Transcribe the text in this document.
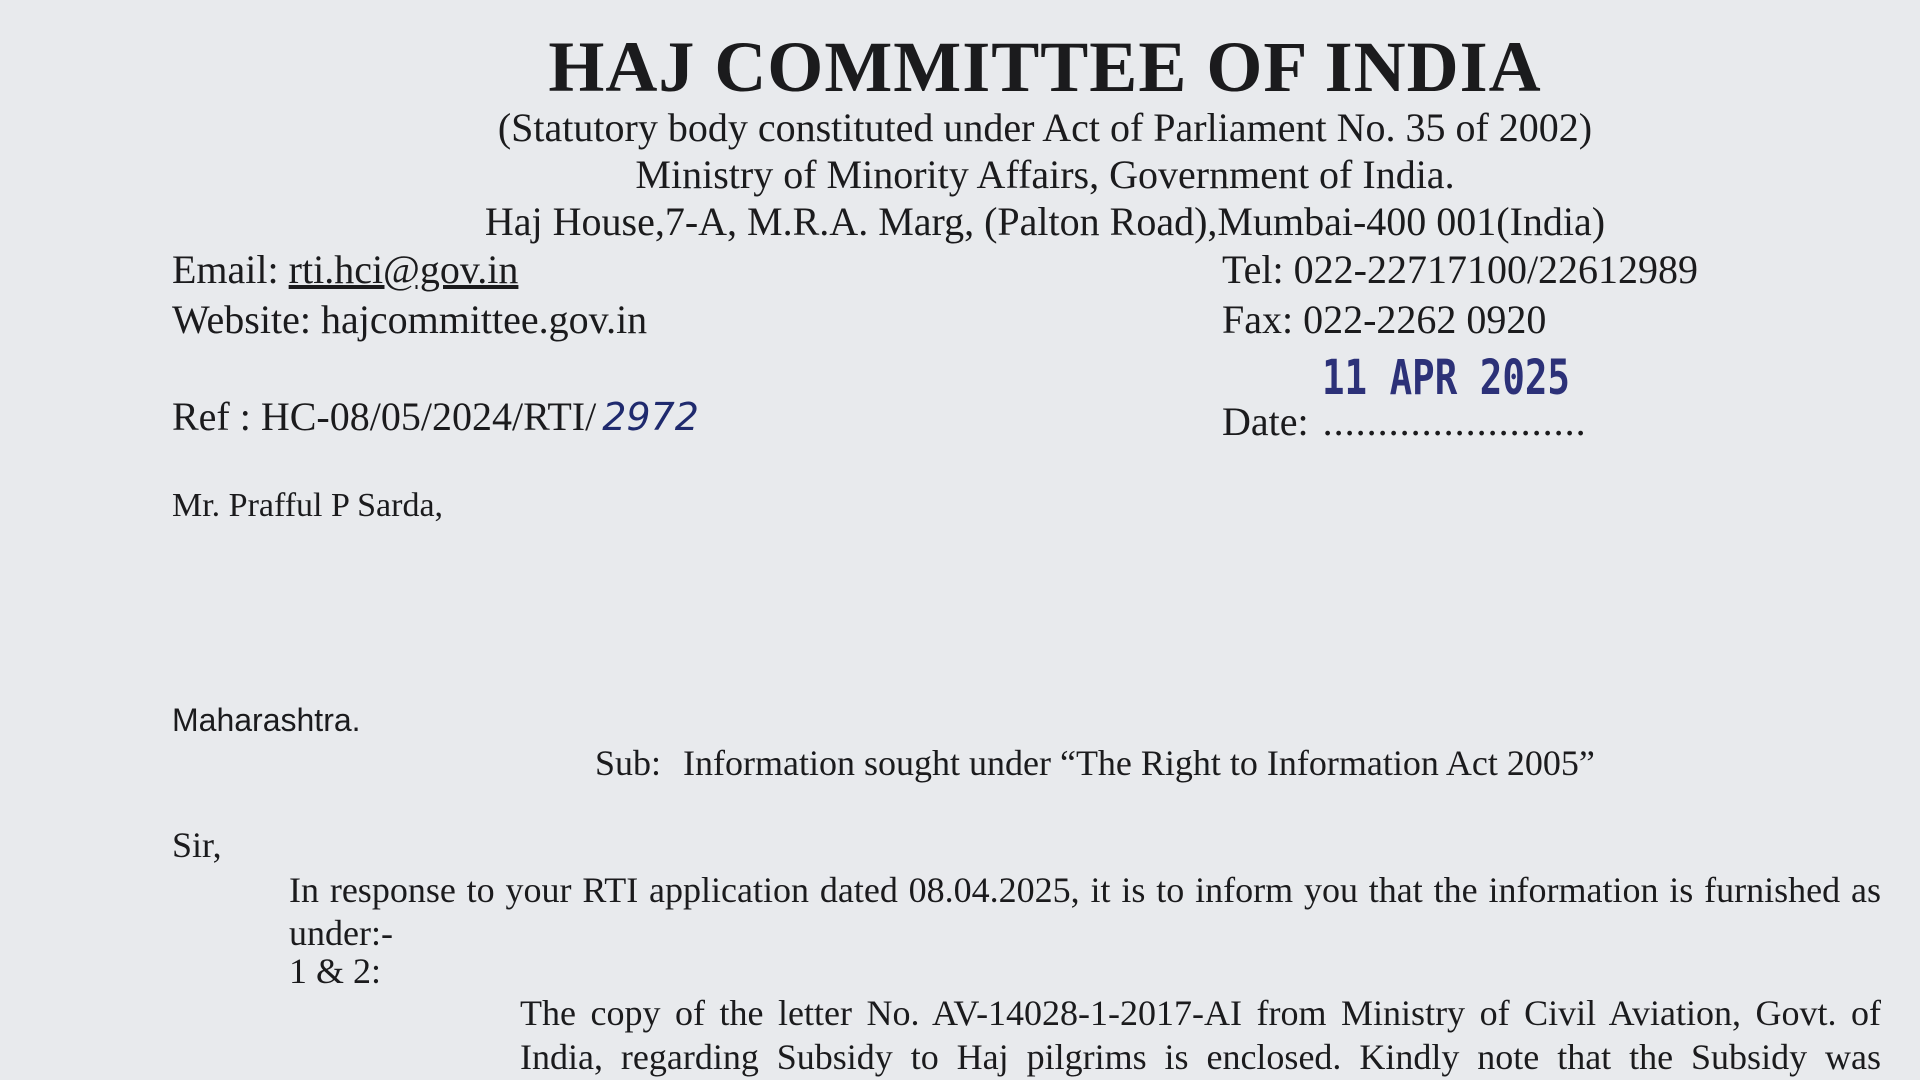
HAJ COMMITTEE OF INDIA
(Statutory body constituted under Act of Parliament No. 35 of 2002)
Ministry of Minority Affairs, Government of India.
Haj House,7-A, M.R.A. Marg, (Palton Road),Mumbai-400 001(India)
Email: rti.hci@gov.in
Website: hajcommittee.gov.in
Tel: 022-22717100/22612989
Fax: 022-2262 0920
Ref : HC-08/05/2024/RTI/ 2972
11 APR 2025
Date: ........................
Mr. Prafful P Sarda,
Maharashtra.
Sub: Information sought under “The Right to Information Act 2005”
Sir,
In response to your RTI application dated 08.04.2025, it is to inform you that the information is furnished as
under:-
1 & 2:
The copy of the letter No. AV-14028-1-2017-AI from Ministry of Civil Aviation, Govt. of
India, regarding Subsidy to Haj pilgrims is enclosed. Kindly note that the Subsidy was
